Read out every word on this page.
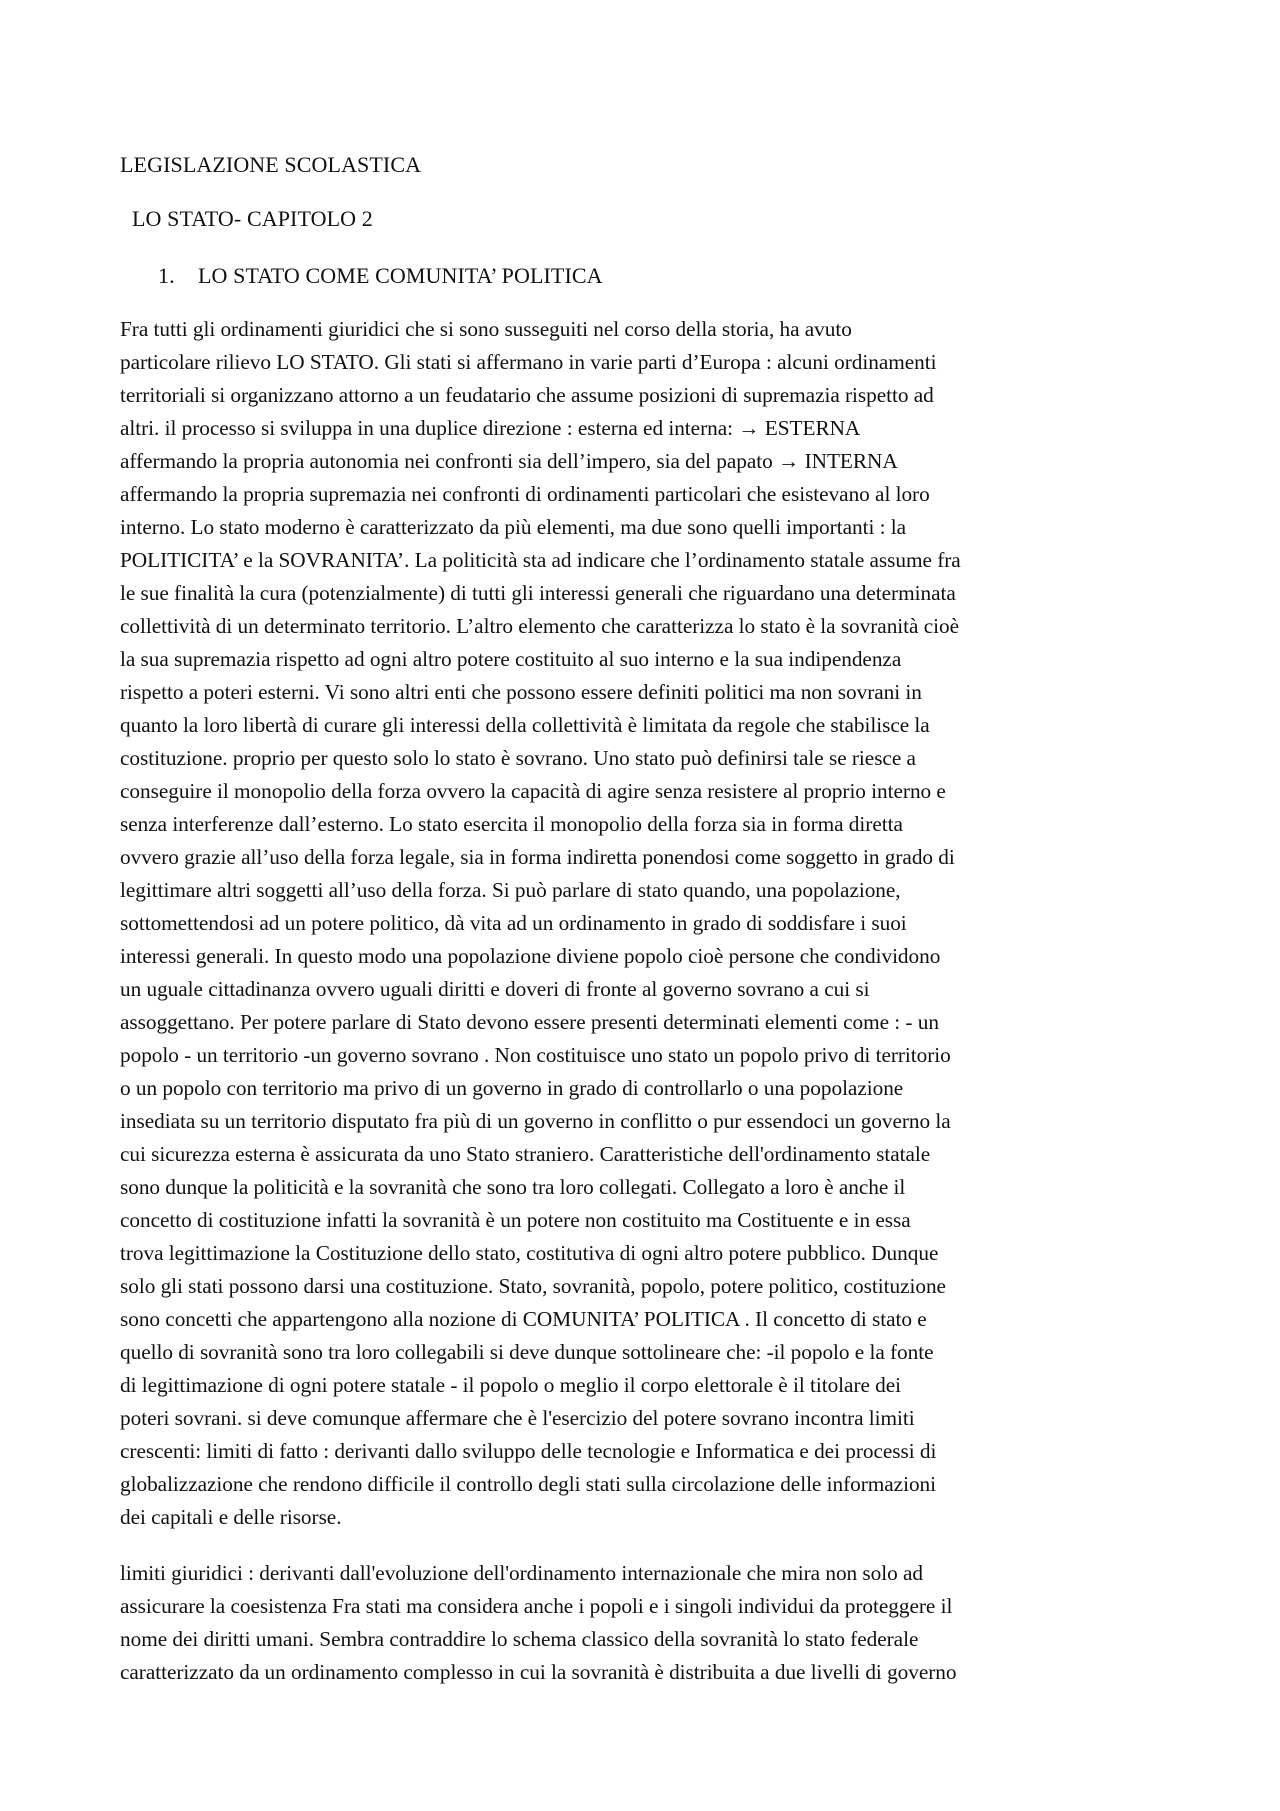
LEGISLAZIONE SCOLASTICA
LO STATO- CAPITOLO 2
1. LO STATO COME COMUNITA’ POLITICA
Fra tutti gli ordinamenti giuridici che si sono susseguiti nel corso della storia, ha avuto
particolare rilievo LO STATO. Gli stati si affermano in varie parti d’Europa : alcuni ordinamenti
territoriali si organizzano attorno a un feudatario che assume posizioni di supremazia rispetto ad
altri. il processo si sviluppa in una duplice direzione : esterna ed interna: → ESTERNA
affermando la propria autonomia nei confronti sia dell’impero, sia del papato → INTERNA
affermando la propria supremazia nei confronti di ordinamenti particolari che esistevano al loro
interno. Lo stato moderno è caratterizzato da più elementi, ma due sono quelli importanti : la
POLITICITA’ e la SOVRANITA’. La politicità sta ad indicare che l’ordinamento statale assume fra
le sue finalità la cura (potenzialmente) di tutti gli interessi generali che riguardano una determinata
collettività di un determinato territorio. L’altro elemento che caratterizza lo stato è la sovranità cioè
la sua supremazia rispetto ad ogni altro potere costituito al suo interno e la sua indipendenza
rispetto a poteri esterni. Vi sono altri enti che possono essere definiti politici ma non sovrani in
quanto la loro libertà di curare gli interessi della collettività è limitata da regole che stabilisce la
costituzione. proprio per questo solo lo stato è sovrano. Uno stato può definirsi tale se riesce a
conseguire il monopolio della forza ovvero la capacità di agire senza resistere al proprio interno e
senza interferenze dall’esterno. Lo stato esercita il monopolio della forza sia in forma diretta
ovvero grazie all’uso della forza legale, sia in forma indiretta ponendosi come soggetto in grado di
legittimare altri soggetti all’uso della forza. Si può parlare di stato quando, una popolazione,
sottomettendosi ad un potere politico, dà vita ad un ordinamento in grado di soddisfare i suoi
interessi generali. In questo modo una popolazione diviene popolo cioè persone che condividono
un uguale cittadinanza ovvero uguali diritti e doveri di fronte al governo sovrano a cui si
assoggettano. Per potere parlare di Stato devono essere presenti determinati elementi come : - un
popolo - un territorio -un governo sovrano . Non costituisce uno stato un popolo privo di territorio
o un popolo con territorio ma privo di un governo in grado di controllarlo o una popolazione
insediata su un territorio disputato fra più di un governo in conflitto o pur essendoci un governo la
cui sicurezza esterna è assicurata da uno Stato straniero. Caratteristiche dell'ordinamento statale
sono dunque la politicità e la sovranità che sono tra loro collegati. Collegato a loro è anche il
concetto di costituzione infatti la sovranità è un potere non costituito ma Costituente e in essa
trova legittimazione la Costituzione dello stato, costitutiva di ogni altro potere pubblico. Dunque
solo gli stati possono darsi una costituzione. Stato, sovranità, popolo, potere politico, costituzione
sono concetti che appartengono alla nozione di COMUNITA’ POLITICA . Il concetto di stato e
quello di sovranità sono tra loro collegabili si deve dunque sottolineare che: -il popolo e la fonte
di legittimazione di ogni potere statale - il popolo o meglio il corpo elettorale è il titolare dei
poteri sovrani. si deve comunque affermare che è l'esercizio del potere sovrano incontra limiti
crescenti: limiti di fatto : derivanti dallo sviluppo delle tecnologie e Informatica e dei processi di
globalizzazione che rendono difficile il controllo degli stati sulla circolazione delle informazioni
dei capitali e delle risorse.
limiti giuridici : derivanti dall'evoluzione dell'ordinamento internazionale che mira non solo ad
assicurare la coesistenza Fra stati ma considera anche i popoli e i singoli individui da proteggere il
nome dei diritti umani. Sembra contraddire lo schema classico della sovranità lo stato federale
caratterizzato da un ordinamento complesso in cui la sovranità è distribuita a due livelli di governo
